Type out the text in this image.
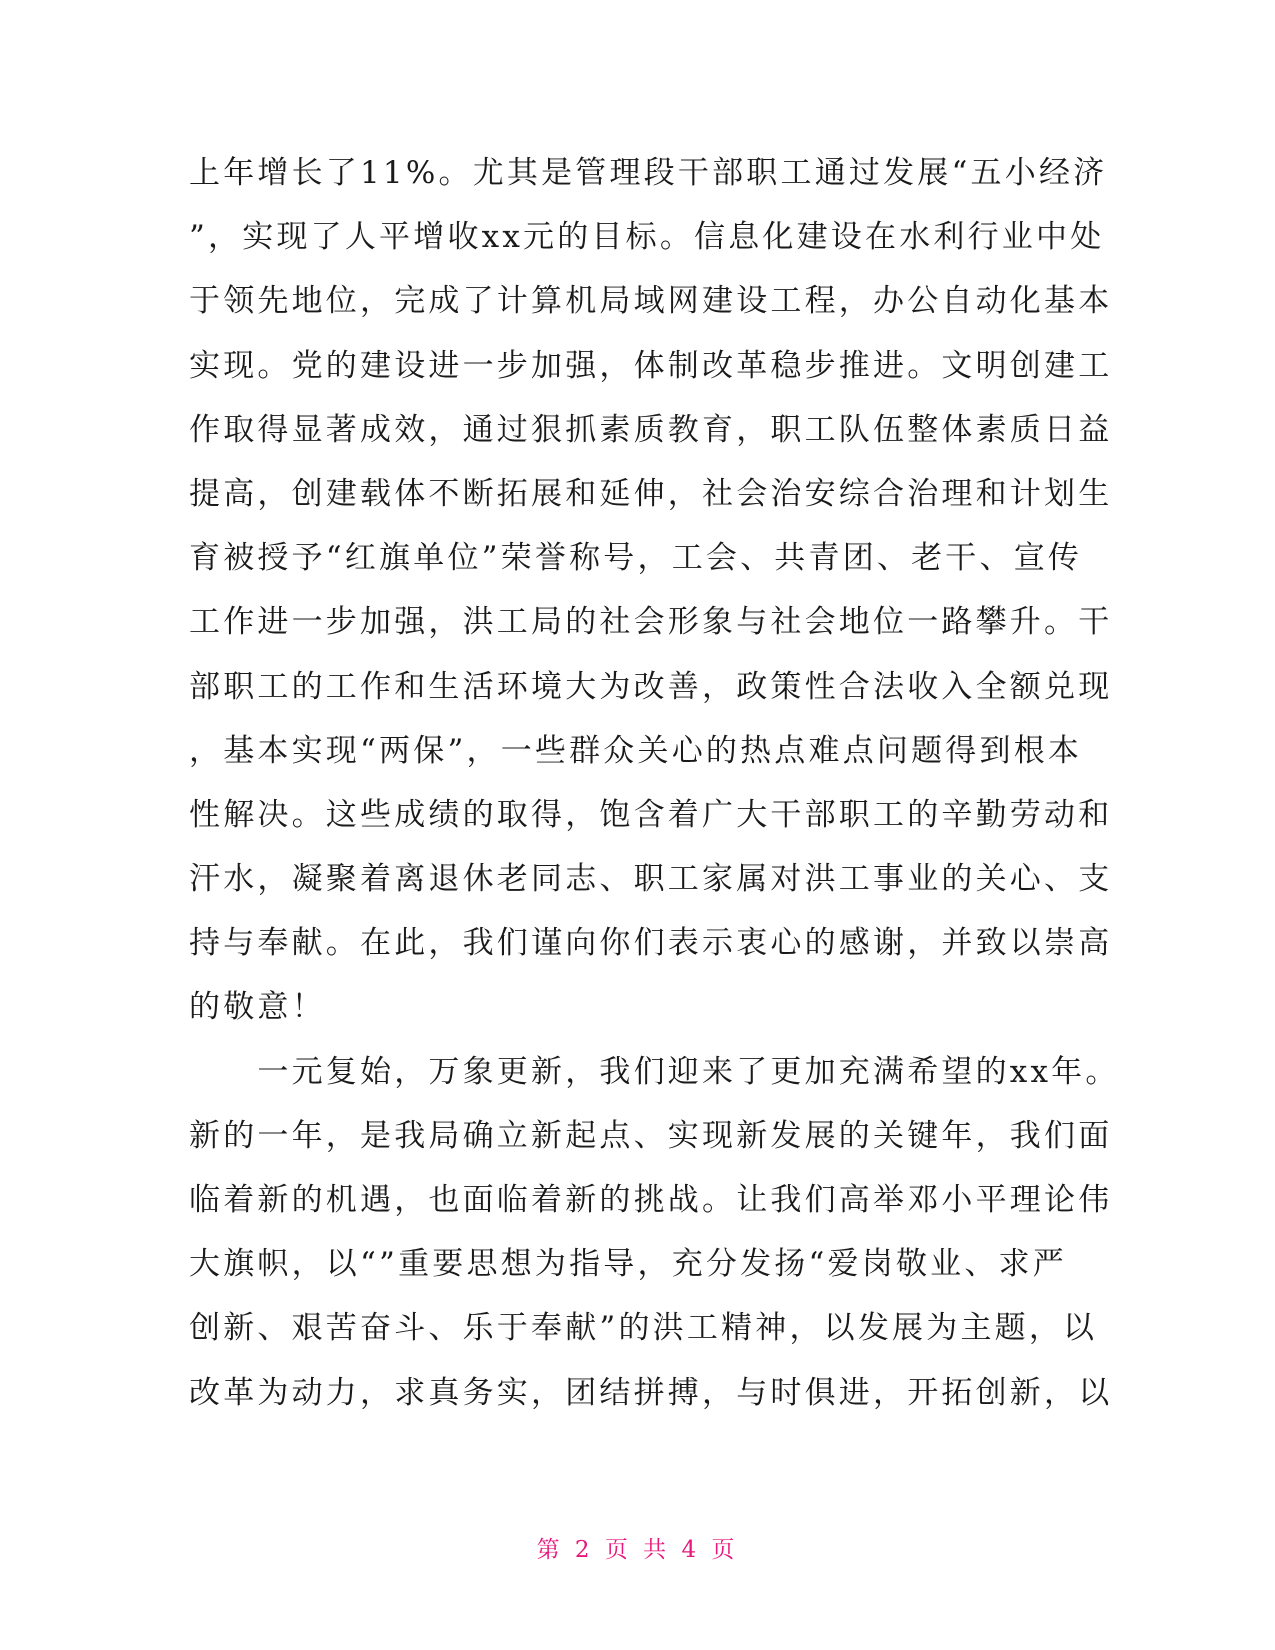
上年增长了11%。尤其是管理段干部职工通过发展“五小经济
”，实现了人平增收xx元的目标。信息化建设在水利行业中处
于领先地位，完成了计算机局域网建设工程，办公自动化基本
实现。党的建设进一步加强，体制改革稳步推进。文明创建工
作取得显著成效，通过狠抓素质教育，职工队伍整体素质日益
提高，创建载体不断拓展和延伸，社会治安综合治理和计划生
育被授予“红旗单位”荣誉称号，工会、共青团、老干、宣传
工作进一步加强，洪工局的社会形象与社会地位一路攀升。干
部职工的工作和生活环境大为改善，政策性合法收入全额兑现
，基本实现“两保”，一些群众关心的热点难点问题得到根本
性解决。这些成绩的取得，饱含着广大干部职工的辛勤劳动和
汗水，凝聚着离退休老同志、职工家属对洪工事业的关心、支
持与奉献。在此，我们谨向你们表示衷心的感谢，并致以崇高
的敬意！
　　一元复始，万象更新，我们迎来了更加充满希望的xx年。
新的一年，是我局确立新起点、实现新发展的关键年，我们面
临着新的机遇，也面临着新的挑战。让我们高举邓小平理论伟
大旗帜，以“”重要思想为指导，充分发扬“爱岗敬业、求严
创新、艰苦奋斗、乐于奉献”的洪工精神，以发展为主题，以
改革为动力，求真务实，团结拼搏，与时俱进，开拓创新，以
第 2 页 共 4 页
